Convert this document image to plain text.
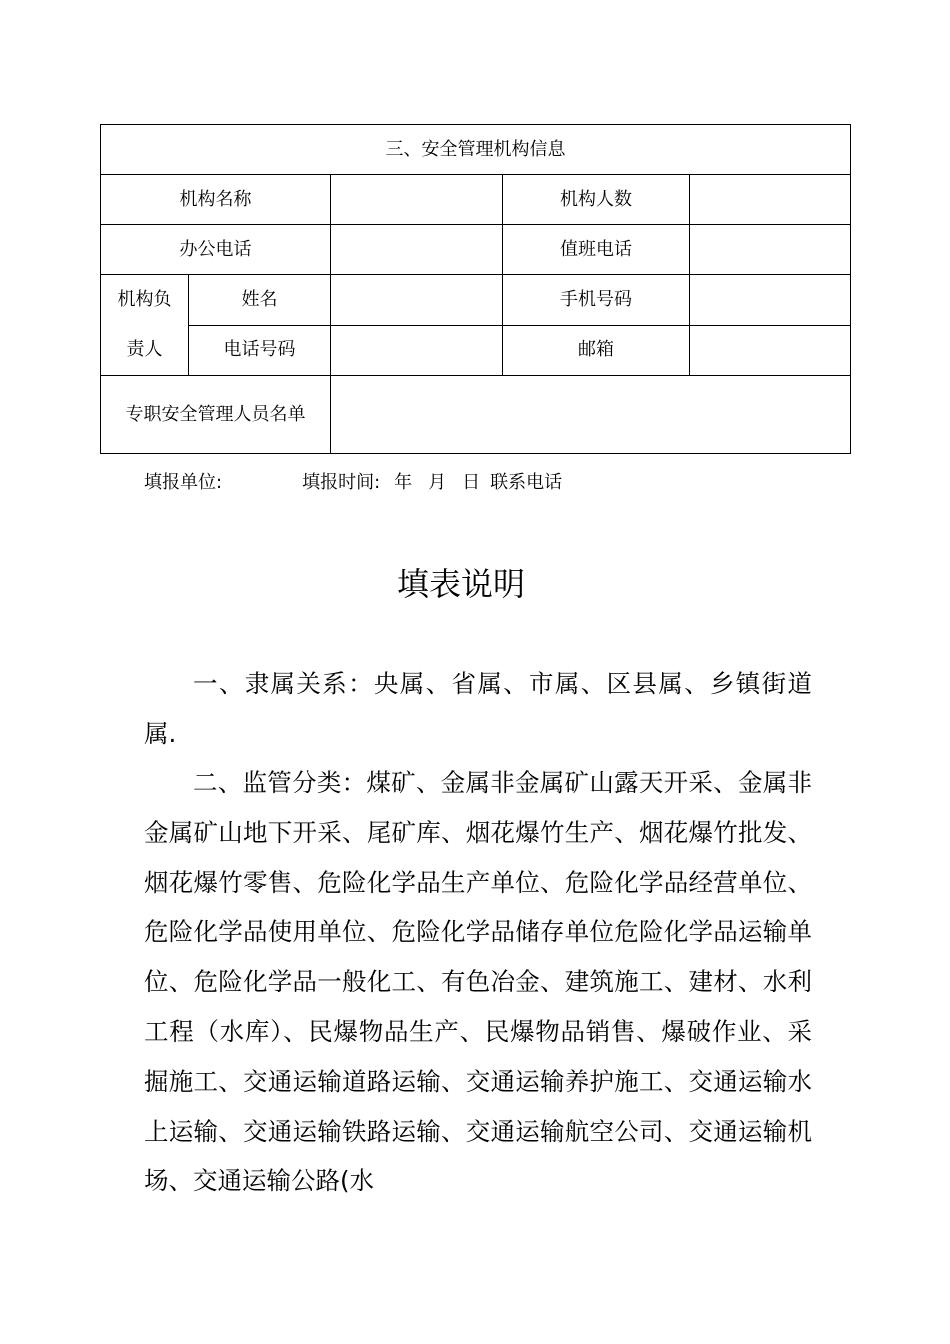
三、安全管理机构信息				
机构名称			机构人数	
办公电话			值班电话	
机构负
责人	姓名		手机号码	
	电话号码		邮箱	
专职安全管理人员名单				
填报单位:	填报时间: 年 月 日 联系电话
填表说明

一、隶属关系：央属、省属、市属、区县属、乡镇街道属.

二、监管分类：煤矿、金属非金属矿山露天开采、金属非金属矿山地下开采、尾矿库、烟花爆竹生产、烟花爆竹批发、烟花爆竹零售、危险化学品生产单位、危险化学品经营单位、危险化学品使用单位、危险化学品储存单位危险化学品运输单位、危险化学品一般化工、有色冶金、建筑施工、建材、水利工程（水库）、民爆物品生产、民爆物品销售、爆破作业、采掘施工、交通运输道路运输、交通运输养护施工、交通运输水上运输、交通运输铁路运输、交通运输航空公司、交通运输机场、交通运输公路(水
